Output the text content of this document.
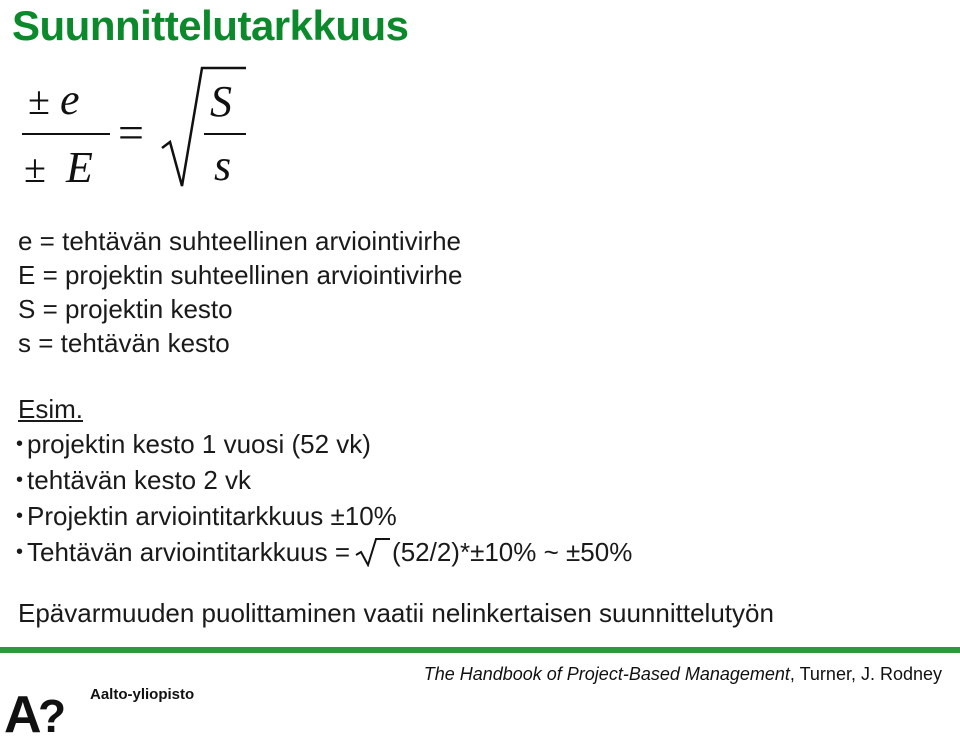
Suunnittelutarkkuus
± e
± E
=
S
s
e = tehtävän suhteellinen arviointivirhe
E = projektin suhteellinen arviointivirhe
S = projektin kesto
s = tehtävän kesto
Esim.
• projektin kesto 1 vuosi (52 vk)
• tehtävän kesto 2 vk
• Projektin arviointitarkkuus ±10%
• Tehtävän arviointitarkkuus = (52/2)*±10% ~ ±50%
Epävarmuuden puolittaminen vaatii nelinkertaisen suunnittelutyön
The Handbook of Project-Based Management, Turner, J. Rodney
A
? Aalto-yliopisto
